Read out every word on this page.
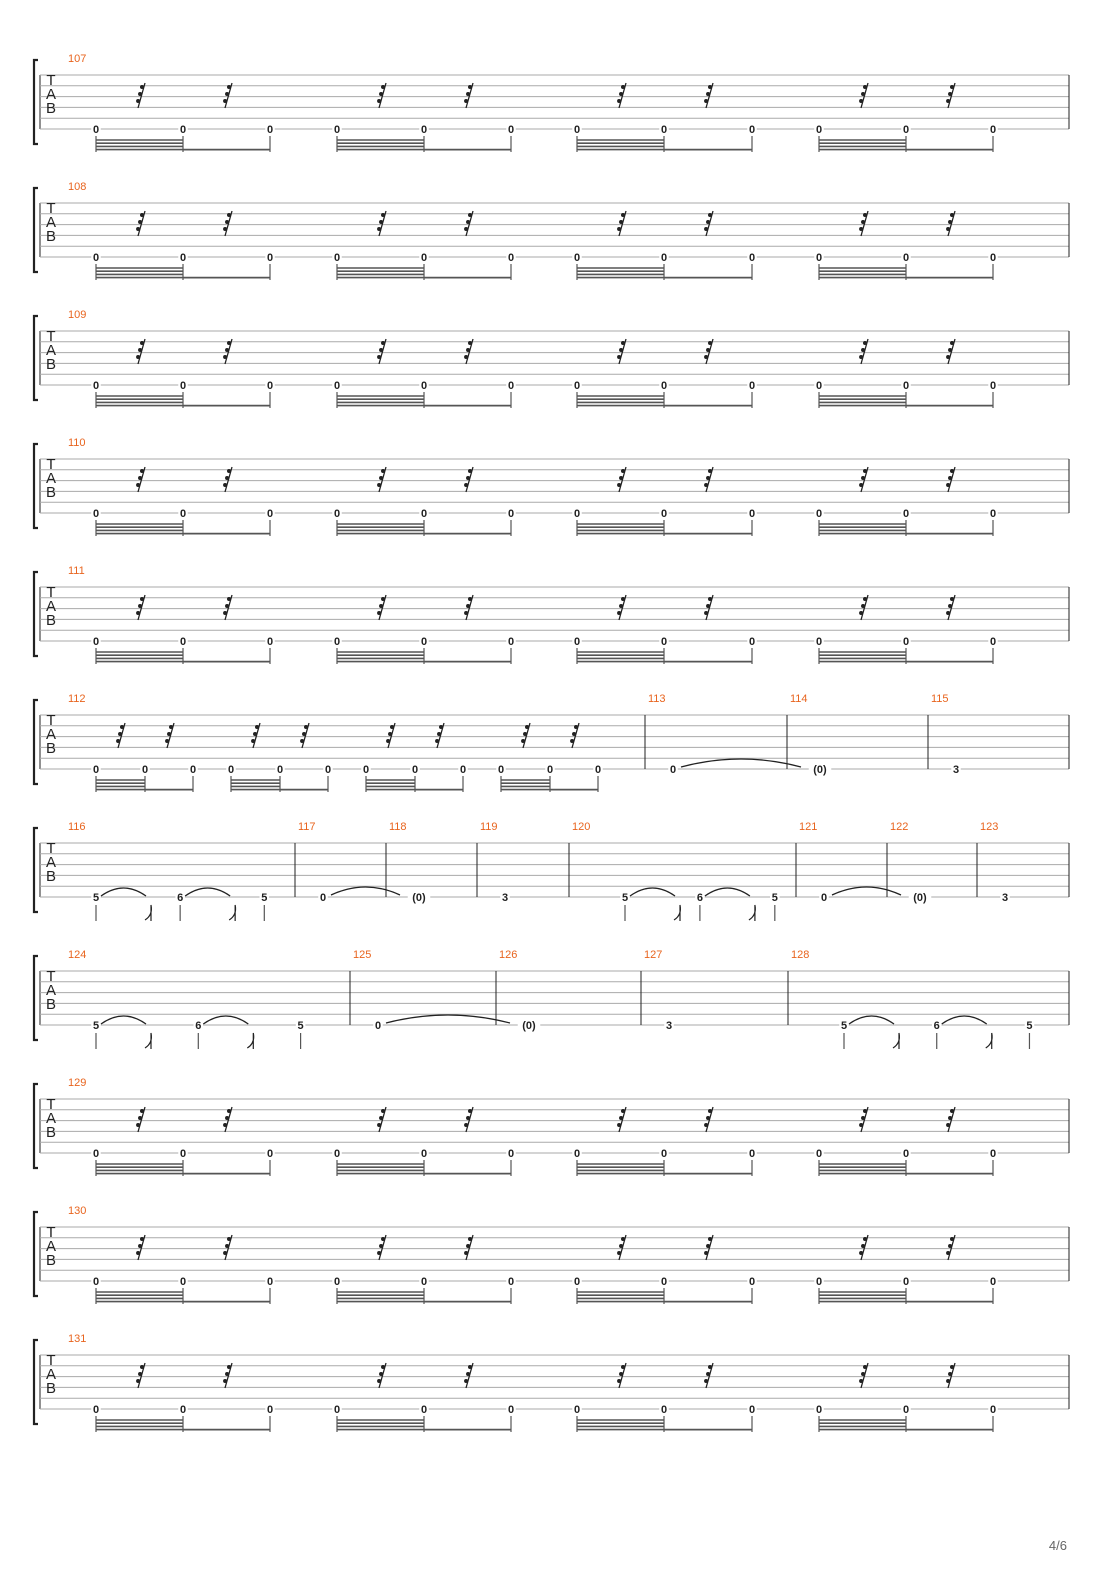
T
A
B
107
0	0	0	0	0	0	0	0	0	0	0	0
T
A
B
108
0	0	0	0	0	0	0	0	0	0	0	0
T
A
B
109
0	0	0	0	0	0	0	0	0	0	0	0
T
A
B
110
0	0	0	0	0	0	0	0	0	0	0	0
T
A
B
111
0	0	0	0	0	0	0	0	0	0	0	0
T
A
B
112
0	0	0	0	0	0	0	0	0	0	0	0
113
0
114
(0)
115
3
T
A
B
116
5	6	5
117
0
118
(0)
119
3
120
5	6	5
121
0
122
(0)
123
3
T
A
B
124
5	6	5
125
0
126
(0)
127
3
128
5	6	5
T
A
B
129
0	0	0	0	0	0	0	0	0	0	0	0
T
A
B
130
0	0	0	0	0	0	0	0	0	0	0	0
T
A
B
131
0	0	0	0	0	0	0	0	0	0	0	0
4/6
